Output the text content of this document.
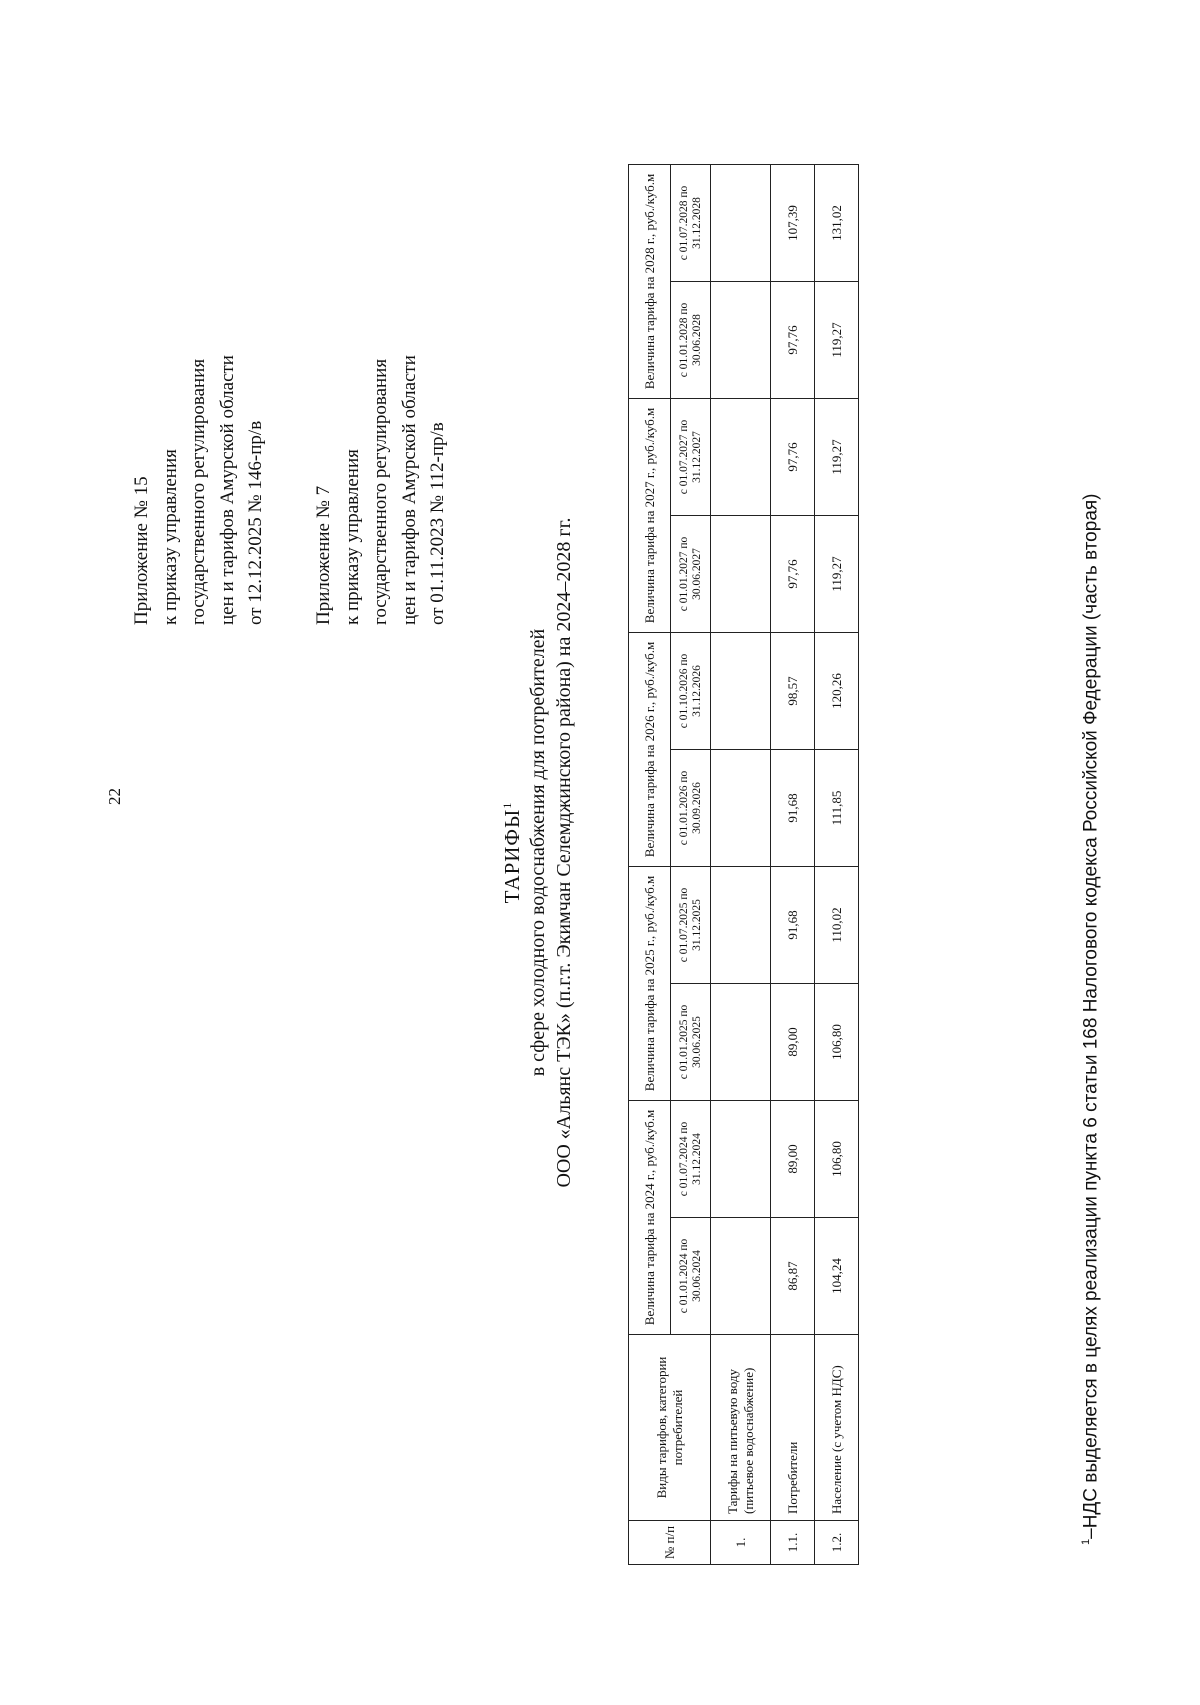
22
Приложение № 15 к приказу управления государственного регулирования цен и тарифов Амурской области от 12.12.2025 № 146-пр/в Приложение № 7 к приказу управления государственного регулирования цен и тарифов Амурской области от 01.11.2023 № 112-пр/в
ТАРИФЫ$^1$ в сфере холодного водоснабжения для потребителей ООО «Альянс ТЭК» (п.г.т. Экимчан Селемджинского района) на 2024–2028 гг.
№ п/п	Виды тарифов, категории потребителей	Величина тарифа на 2024 г., руб./куб.м		Величина тарифа на 2025 г., руб./куб.м		Величина тарифа на 2026 г., руб./куб.м		Величина тарифа на 2027 г., руб./куб.м		Величина тарифа на 2028 г., руб./куб.м	
		с 01.01.2024 по 30.06.2024	с 01.07.2024 по 31.12.2024	с 01.01.2025 по 30.06.2025	с 01.07.2025 по 31.12.2025	с 01.01.2026 по 30.09.2026	с 01.10.2026 по 31.12.2026	с 01.01.2027 по 30.06.2027	с 01.07.2027 по 31.12.2027	с 01.01.2028 по 30.06.2028	с 01.07.2028 по 31.12.2028
1.	Тарифы на питьевую воду (питьевое водоснабжение)										
1.1.	Потребители	86,87	89,00	89,00	91,68	91,68	98,57	97,76	97,76	97,76	107,39
1.2.	Население (с учетом НДС)	104,24	106,80	106,80	110,02	111,85	120,26	119,27	119,27	119,27	131,02
$^1$–НДС выделяется в целях реализации пункта 6 статьи 168 Налогового кодекса Российской Федерации (часть вторая)
